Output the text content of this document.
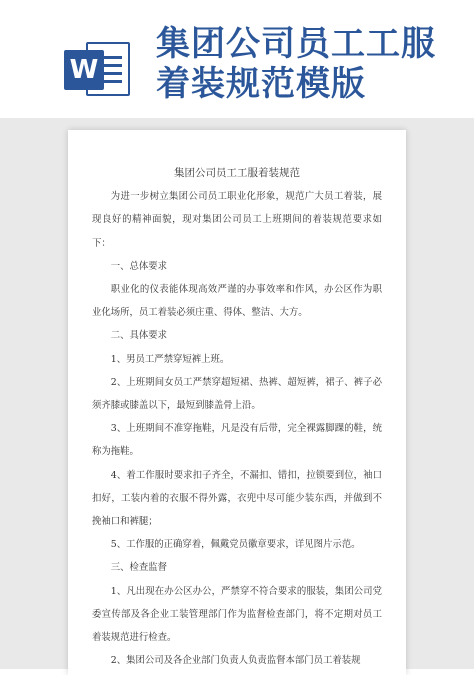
W
集团公司员工工服
着装规范模版
集团公司员工工服着装规范

为进一步树立集团公司员工职业化形象，规范广大员工着装，展现良好的精神面貌，现对集团公司员工上班期间的着装规范要求如下：

一、总体要求

职业化的仪表能体现高效严谨的办事效率和作风，办公区作为职业化场所，员工着装必须庄重、得体、整洁、大方。

二、具体要求

1、男员工严禁穿短裤上班。

2、上班期间女员工严禁穿超短裙、热裤、超短裤，裙子、裤子必须齐膝或膝盖以下，最短到膝盖骨上沿。

3、上班期间不准穿拖鞋，凡是没有后带，完全裸露脚踝的鞋，统称为拖鞋。

4、着工作服时要求扣子齐全，不漏扣、错扣，拉锁要到位，袖口扣好，工装内着的衣服不得外露，衣兜中尽可能少装东西，并做到不挽袖口和裤腿；

5、工作服的正确穿着，佩戴党员徽章要求，详见图片示范。

三、检查监督

1、凡出现在办公区办公，严禁穿不符合要求的服装，集团公司党委宣传部及各企业工装管理部门作为监督检查部门，将不定期对员工着装规范进行检查。

2、集团公司及各企业部门负责人负责监督本部门员工着装规
